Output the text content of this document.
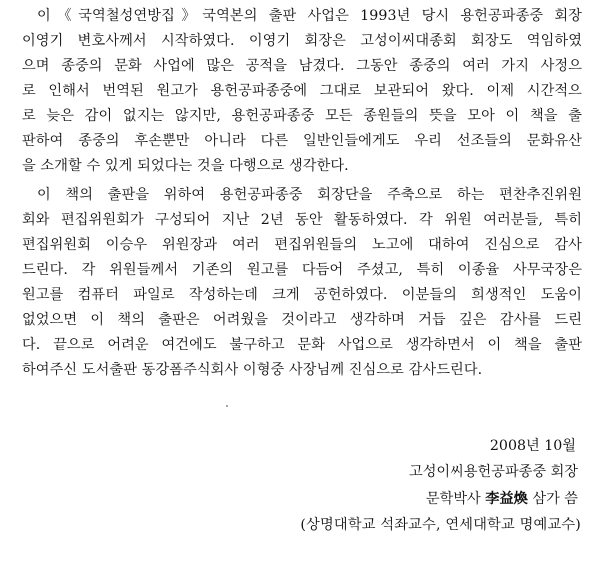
이《국역철성연방집》국역본의 출판 사업은 1993년 당시 용헌공파종중 회장
이영기 변호사께서 시작하였다. 이영기 회장은 고성이씨대종회 회장도 역임하였
으며 종중의 문화 사업에 많은 공적을 남겼다. 그동안 종중의 여러 가지 사정으
로 인해서 번역된 원고가 용헌공파종중에 그대로 보관되어 왔다. 이제 시간적으
로 늦은 감이 없지는 않지만, 용헌공파종중 모든 종원들의 뜻을 모아 이 책을 출
판하여 종중의 후손뿐만 아니라 다른 일반인들에게도 우리 선조들의 문화유산
을 소개할 수 있게 되었다는 것을 다행으로 생각한다.
이 책의 출판을 위하여 용헌공파종중 회장단을 주축으로 하는 편찬추진위원
회와 편집위원회가 구성되어 지난 2년 동안 활동하였다. 각 위원 여러분들, 특히
편집위원회 이승우 위원장과 여러 편집위원들의 노고에 대하여 진심으로 감사
드린다. 각 위원들께서 기존의 원고를 다듬어 주셨고, 특히 이종율 사무국장은
원고를 컴퓨터 파일로 작성하는데 크게 공헌하였다. 이분들의 희생적인 도움이
없었으면 이 책의 출판은 어려웠을 것이라고 생각하며 거듭 깊은 감사를 드린
다. 끝으로 어려운 여건에도 불구하고 문화 사업으로 생각하면서 이 책을 출판
하여주신 도서출판 동강폼주식회사 이형중 사장님께 진심으로 감사드린다.
2008년 10월
고성이씨용헌공파종중 회장
문학박사 李益煥 삼가 씀
(상명대학교 석좌교수, 연세대학교 명예교수)
